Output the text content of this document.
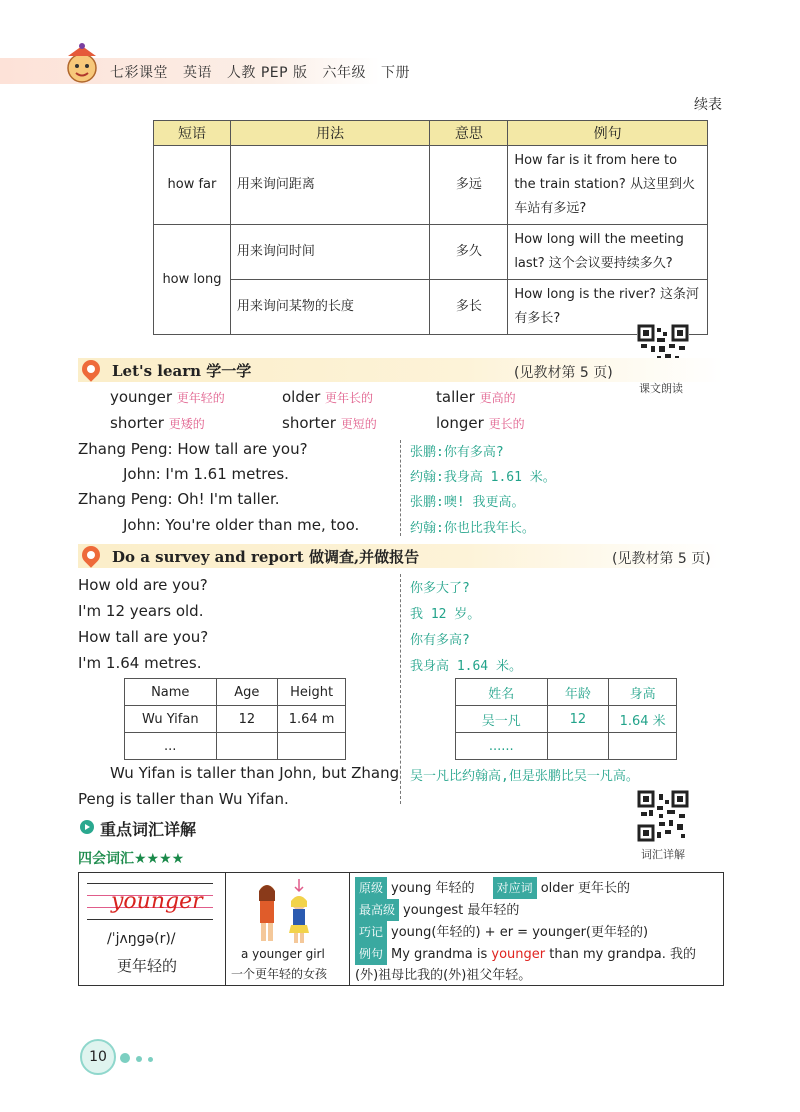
七彩课堂 英语 人教 PEP 版 六年级 下册
续表
短语	用法	意思	例句
how far	用来询问距离	多远	How far is it from here to the train station? 从这里到火车站有多远?
how long	用来询问时间	多久	How long will the meeting last? 这个会议要持续多久?
	用来询问某物的长度	多长	How long is the river? 这条河有多长?
课文朗读
Let's learn 学一学	(见教材第 5 页)
younger 更年轻的	older 更年长的	taller 更高的
shorter 更矮的	shorter 更短的	longer 更长的
Zhang Peng: How tall are you?	张鹏:你有多高?
John: I'm 1.61 metres.	约翰:我身高 1.61 米。
Zhang Peng: Oh! I'm taller.	张鹏:噢! 我更高。
John: You're older than me, too.	约翰:你也比我年长。
Do a survey and report 做调查,并做报告	(见教材第 5 页)
How old are you?	你多大了?
I'm 12 years old.	我 12 岁。
How tall are you?	你有多高?
I'm 1.64 metres.	我身高 1.64 米。
Name	Age	Height
Wu Yifan	12	1.64 m
...		
姓名	年龄	身高
吴一凡	12	1.64 米
......		
Wu Yifan is taller than John, but Zhang
Peng is taller than Wu Yifan.
吴一凡比约翰高,但是张鹏比吴一凡高。
词汇详解
重点词汇详解
四会词汇★★★★
younger
/ˈjʌŋɡə(r)/
更年轻的
a younger girl
一个更年轻的女孩
原级 young 年轻的 对应词 older 更年长的
最高级 youngest 最年轻的
巧记 young(年轻的) + er = younger(更年轻的)
例句 My grandma is younger than my grandpa. 我的
(外)祖母比我的(外)祖父年轻。
10
